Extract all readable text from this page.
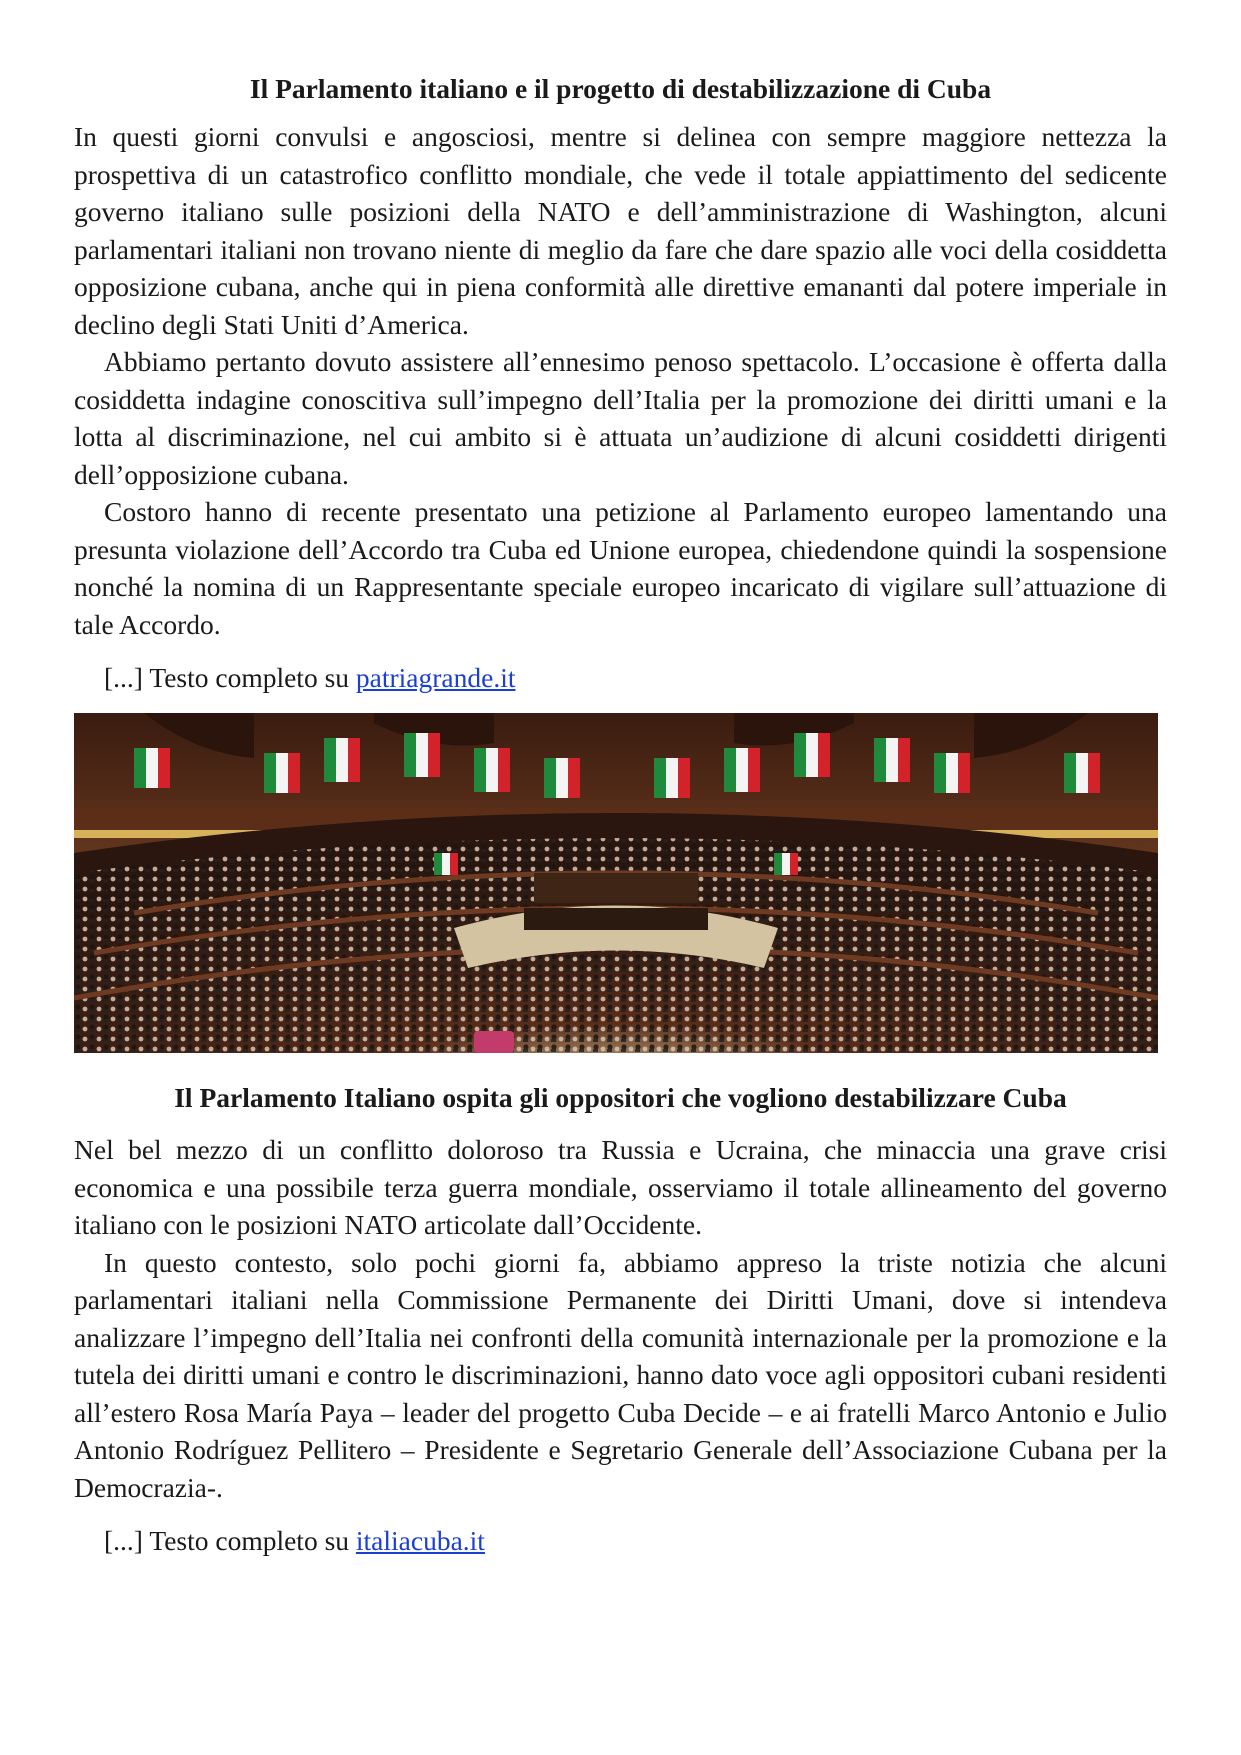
Il Parlamento italiano e il progetto di destabilizzazione di Cuba

In questi giorni convulsi e angosciosi, mentre si delinea con sempre maggiore nettezza la prospettiva di un catastrofico conflitto mondiale, che vede il totale appiattimento del sedicente governo italiano sulle posizioni della NATO e dell’amministrazione di Washington, alcuni parlamentari italiani non trovano niente di meglio da fare che dare spazio alle voci della cosiddetta opposizione cubana, anche qui in piena conformità alle direttive emananti dal potere imperiale in declino degli Stati Uniti d’America.

Abbiamo pertanto dovuto assistere all’ennesimo penoso spettacolo. L’occasione è offerta dalla cosiddetta indagine conoscitiva sull’impegno dell’Italia per la promozione dei diritti umani e la lotta al discriminazione, nel cui ambito si è attuata un’audizione di alcuni cosiddetti dirigenti dell’opposizione cubana.

Costoro hanno di recente presentato una petizione al Parlamento europeo lamentando una presunta violazione dell’Accordo tra Cuba ed Unione europea, chiedendone quindi la sospensione nonché la nomina di un Rappresentante speciale europeo incaricato di vigilare sull’attuazione di tale Accordo.

[...] Testo completo su patriagrande.it

Il Parlamento Italiano ospita gli oppositori che vogliono destabilizzare Cuba

Nel bel mezzo di un conflitto doloroso tra Russia e Ucraina, che minaccia una grave crisi economica e una possibile terza guerra mondiale, osserviamo il totale allineamento del governo italiano con le posizioni NATO articolate dall’Occidente.

In questo contesto, solo pochi giorni fa, abbiamo appreso la triste notizia che alcuni parlamentari italiani nella Commissione Permanente dei Diritti Umani, dove si intendeva analizzare l’impegno dell’Italia nei confronti della comunità internazionale per la promozione e la tutela dei diritti umani e contro le discriminazioni, hanno dato voce agli oppositori cubani residenti all’estero Rosa María Paya – leader del progetto Cuba Decide – e ai fratelli Marco Antonio e Julio Antonio Rodríguez Pellitero – Presidente e Segretario Generale dell’Associazione Cubana per la Democrazia-.

[...] Testo completo su italiacuba.it
